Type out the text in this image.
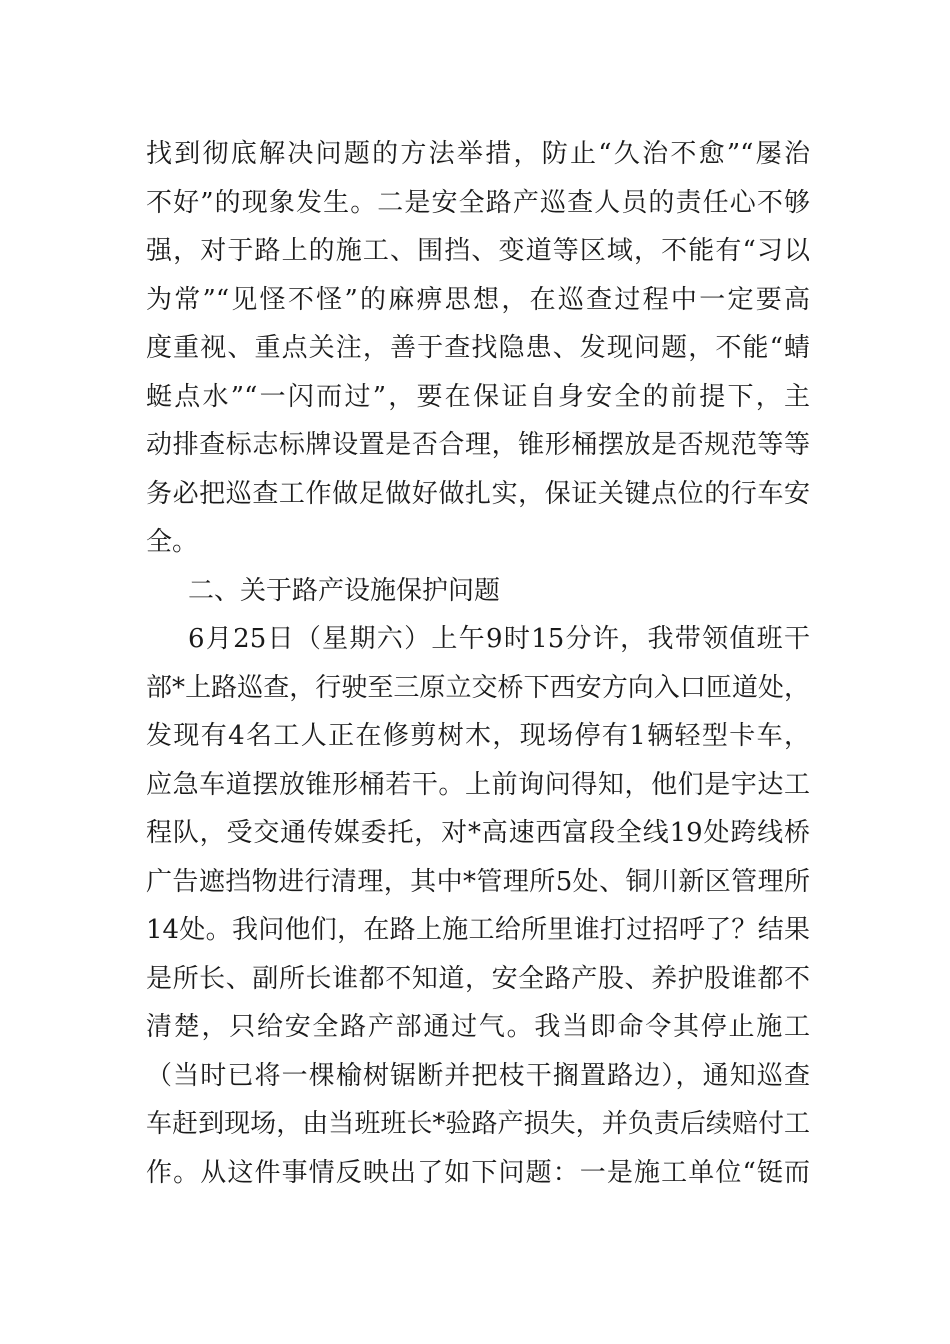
找到彻底解决问题的方法举措，防止“久治不愈”“屡治
不好”的现象发生。二是安全路产巡查人员的责任心不够
强，对于路上的施工、围挡、变道等区域，不能有“习以
为常”“见怪不怪”的麻痹思想，在巡查过程中一定要高
度重视、重点关注，善于查找隐患、发现问题，不能“蜻
蜓点水”“一闪而过”，要在保证自身安全的前提下，主
动排查标志标牌设置是否合理，锥形桶摆放是否规范等等
务必把巡查工作做足做好做扎实，保证关键点位的行车安
全。
二、关于路产设施保护问题
6月25日（星期六）上午9时15分许，我带领值班干
部*上路巡查，行驶至三原立交桥下西安方向入口匝道处，
发现有4名工人正在修剪树木，现场停有1辆轻型卡车，
应急车道摆放锥形桶若干。上前询问得知，他们是宇达工
程队，受交通传媒委托，对*高速西富段全线19处跨线桥
广告遮挡物进行清理，其中*管理所5处、铜川新区管理所
14处。我问他们，在路上施工给所里谁打过招呼了？结果
是所长、副所长谁都不知道，安全路产股、养护股谁都不
清楚，只给安全路产部通过气。我当即命令其停止施工
（当时已将一棵榆树锯断并把枝干搁置路边），通知巡查
车赶到现场，由当班班长*验路产损失，并负责后续赔付工
作。从这件事情反映出了如下问题：一是施工单位“铤而
